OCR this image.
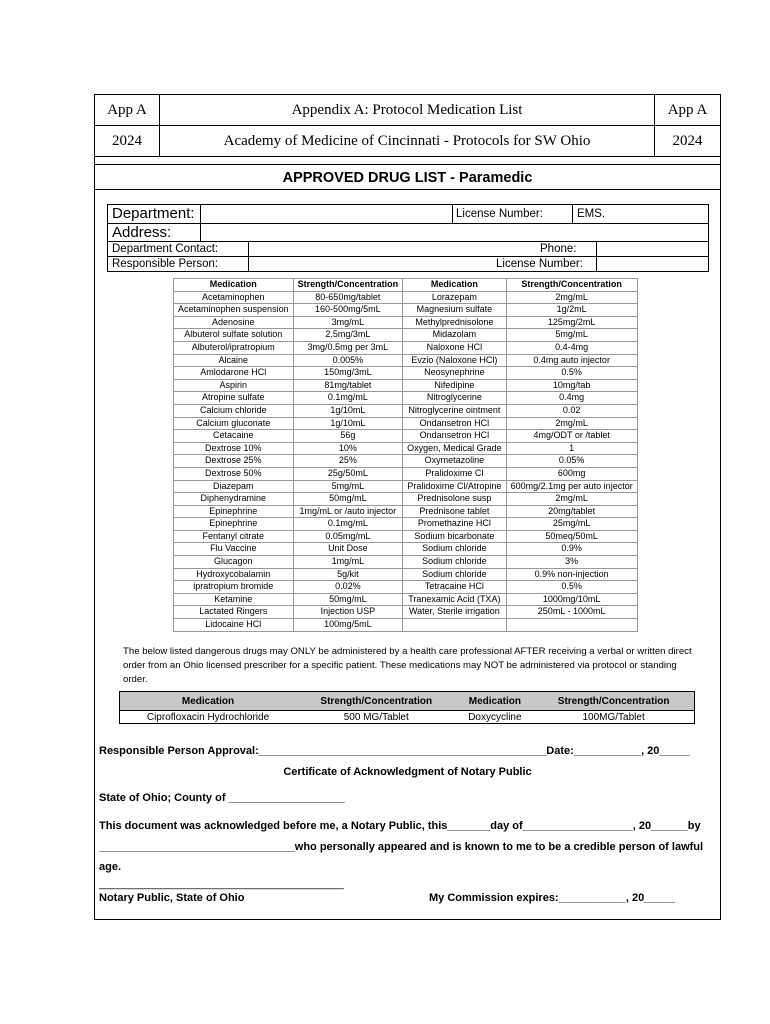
App A	Appendix A: Protocol Medication List	App A
2024	Academy of Medicine of Cincinnati - Protocols for SW Ohio	2024
APPROVED DRUG LIST - Paramedic
Department:	License Number:	EMS.
Address:
Department Contact:	Phone:
Responsible Person:	License Number:
Medication	Strength/Concentration	Medication	Strength/Concentration
Acetaminophen	80-650mg/tablet	Lorazepam	2mg/mL
Acetaminophen suspension	160-500mg/5mL	Magnesium sulfate	1g/2mL
Adenosine	3mg/mL	Methylprednisolone	125mg/2mL
Albuterol sulfate solution	2.5mg/3mL	Midazolam	5mg/mL
Albuterol/ipratropium	3mg/0.5mg per 3mL	Naloxone HCl	0.4-4mg
Alcaine	0.005%	Evzio (Naloxone HCl)	0.4mg auto injector
Amlodarone HCl	150mg/3mL	Neosynephrine	0.5%
Aspirin	81mg/tablet	Nifedipine	10mg/tab
Atropine sulfate	0.1mg/mL	Nitroglycerine	0.4mg
Calcium chloride	1g/10mL	Nitroglycerine ointment	0.02
Calcium gluconate	1g/10mL	Ondansetron HCl	2mg/mL
Cetacaine	56g	Ondansetron HCl	4mg/ODT or /tablet
Dextrose 10%	10%	Oxygen, Medical Grade	1
Dextrose 25%	25%	Oxymetazoline	0.05%
Dextrose 50%	25g/50mL	Pralidoxime Cl	600mg
Diazepam	5mg/mL	Pralidoxime Cl/Atropine	600mg/2.1mg per auto injector
Diphenydramine	50mg/mL	Prednisolone susp	2mg/mL
Epinephrine	1mg/mL or /auto injector	Prednisone tablet	20mg/tablet
Epinephrine	0.1mg/mL	Promethazine HCl	25mg/mL
Fentanyl citrate	0.05mg/mL	Sodium bicarbonate	50meq/50mL
Flu Vaccine	Unit Dose	Sodium chloride	0.9%
Glucagon	1mg/mL	Sodium chloride	3%
Hydroxycobalamin	5g/kit	Sodium chloride	0.9% non-injection
ipratropium bromide	0.02%	Tetracaine HCl	0.5%
Ketamine	50mg/mL	Tranexamic Acid (TXA)	1000mg/10mL
Lactated Ringers	Injection USP	Water, Sterile irrigation	250mL - 1000mL
Lidocaine HCl	100mg/5mL		
The below listed dangerous drugs may ONLY be administered by a health care professional AFTER receiving a verbal or written direct order from an Ohio licensed prescriber for a specific patient. These medications may NOT be administered via protocol or standing order.
Medication	Strength/Concentration	Medication	Strength/Concentration
Ciprofloxacin Hydrochloride	500 MG/Tablet	Doxycycline	100MG/Tablet
Responsible Person Approval:_______________________________________________Date:___________, 20_____
Certificate of Acknowledgment of Notary Public
State of Ohio; County of ___________________
This document was acknowledged before me, a Notary Public, this_______day of__________________, 20______by
________________________________who personally appeared and is known to me to be a credible person of lawful
age.
________________________________________
Notary Public, State of Ohio	My Commission expires:___________, 20_____
